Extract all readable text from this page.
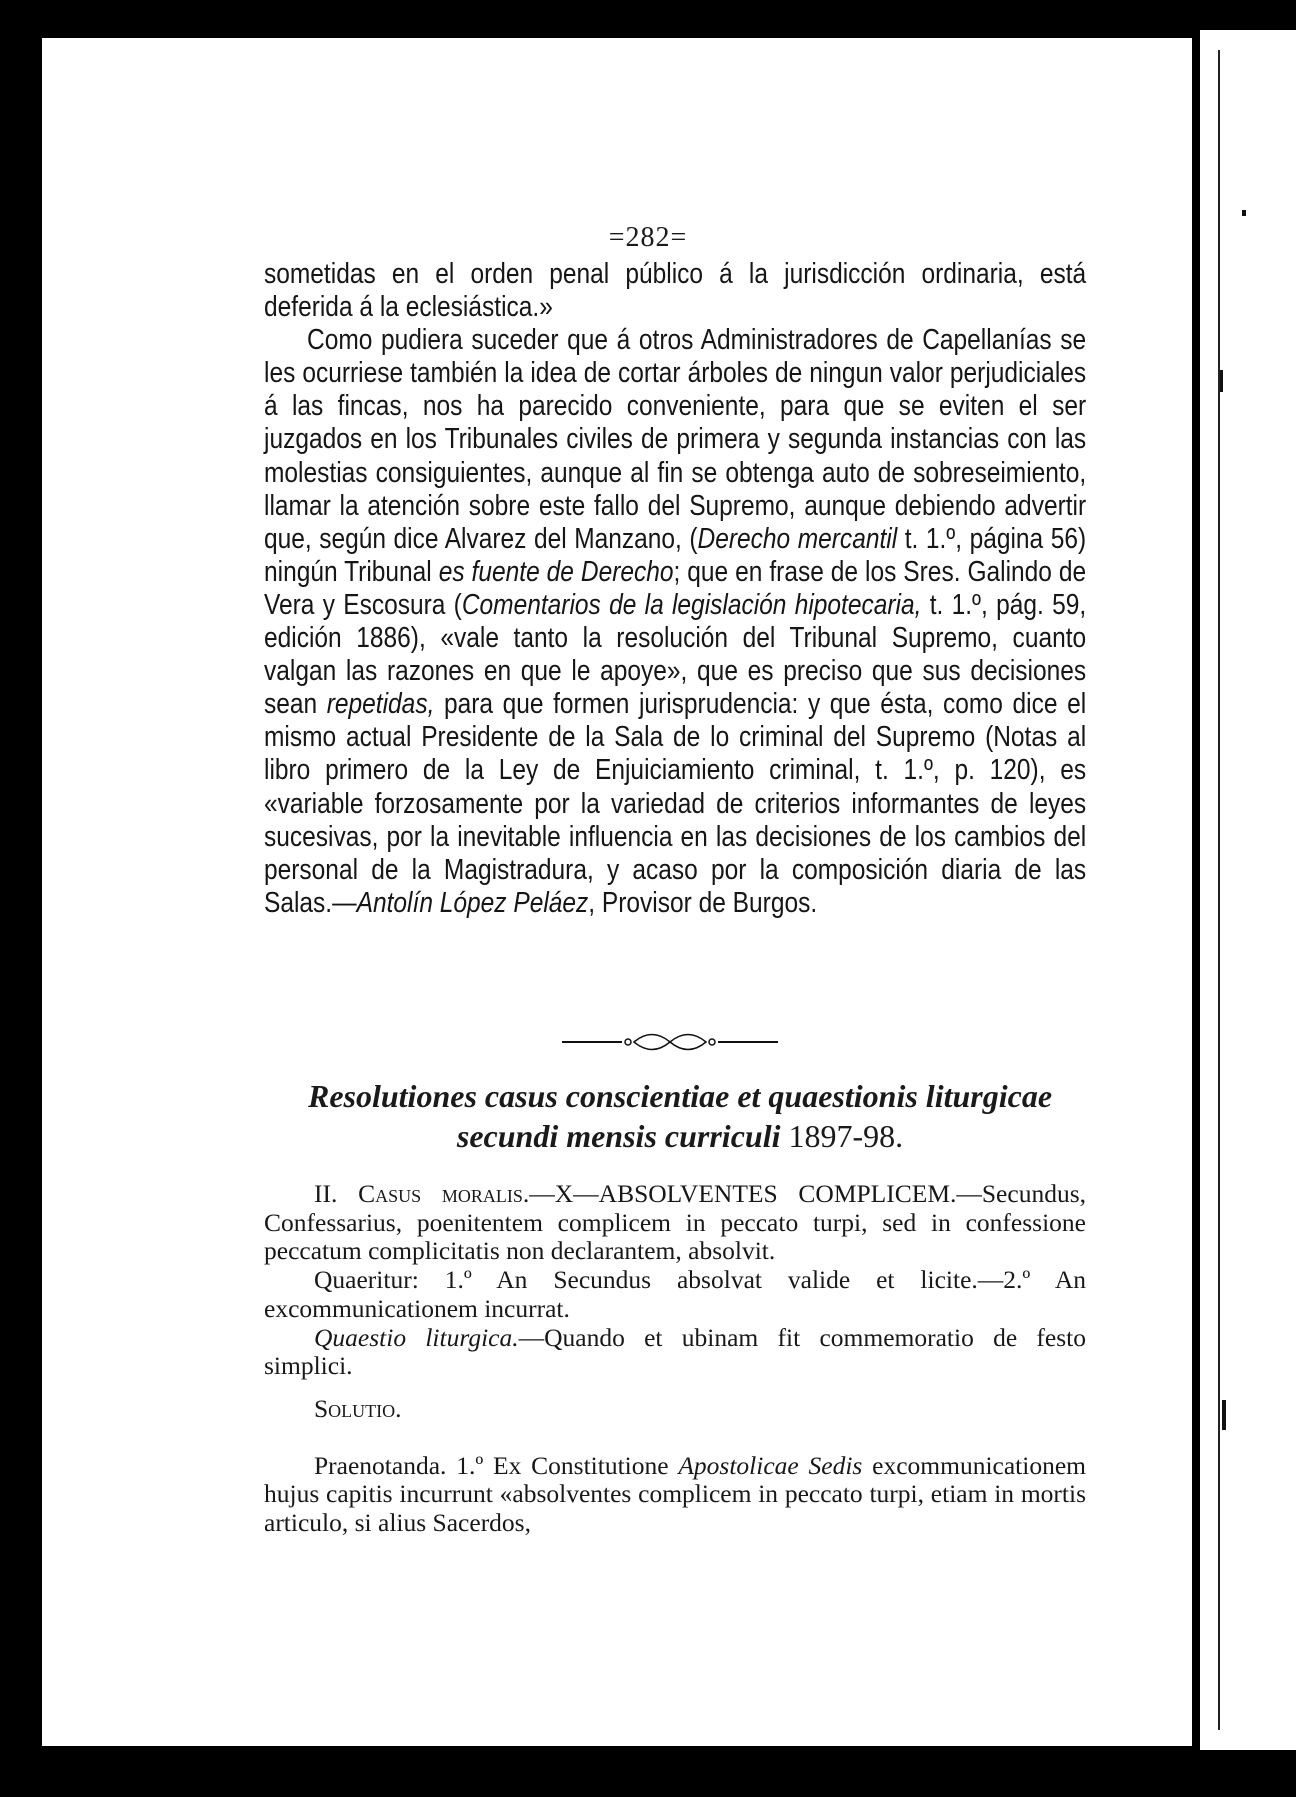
=282=

sometidas en el orden penal público á la jurisdicción ordinaria, está deferida á la eclesiástica.»

Como pudiera suceder que á otros Administradores de Capellanías se les ocurriese también la idea de cortar árboles de ningun valor perjudiciales á las fincas, nos ha parecido conveniente, para que se eviten el ser juzgados en los Tribunales civiles de primera y segunda instancias con las molestias consiguientes, aunque al fin se obtenga auto de sobreseimiento, llamar la atención sobre este fallo del Supremo, aunque debiendo advertir que, según dice Alvarez del Manzano, (Derecho mercantil t. 1.º, página 56) ningún Tribunal es fuente de Derecho; que en frase de los Sres. Galindo de Vera y Escosura (Comentarios de la legislación hipotecaria, t. 1.º, pág. 59, edición 1886), «vale tanto la resolución del Tribunal Supremo, cuanto valgan las razones en que le apoye», que es preciso que sus decisiones sean repetidas, para que formen jurisprudencia: y que ésta, como dice el mismo actual Presidente de la Sala de lo criminal del Supremo (Notas al libro primero de la Ley de Enjuiciamiento criminal, t. 1.º, p. 120), es «variable forzosamente por la variedad de criterios informantes de leyes sucesivas, por la inevitable influencia en las decisiones de los cambios del personal de la Magistradura, y acaso por la composición diaria de las Salas.—Antolín López Peláez, Provisor de Burgos.

Resolutiones casus conscientiae et quaestionis liturgicae
secundi mensis curriculi 1897-98.

II. Casus moralis.—X—ABSOLVENTES COMPLICEM.—Secundus, Confessarius, poenitentem complicem in peccato turpi, sed in confessione peccatum complicitatis non declarantem, absolvit.

Quaeritur: 1.º An Secundus absolvat valide et licite.—2.º An excommunicationem incurrat.

Quaestio liturgica.—Quando et ubinam fit commemoratio de festo simplici.

Solutio.

Praenotanda. 1.º Ex Constitutione Apostolicae Sedis excommunicationem hujus capitis incurrunt «absolventes complicem in peccato turpi, etiam in mortis articulo, si alius Sacerdos,
